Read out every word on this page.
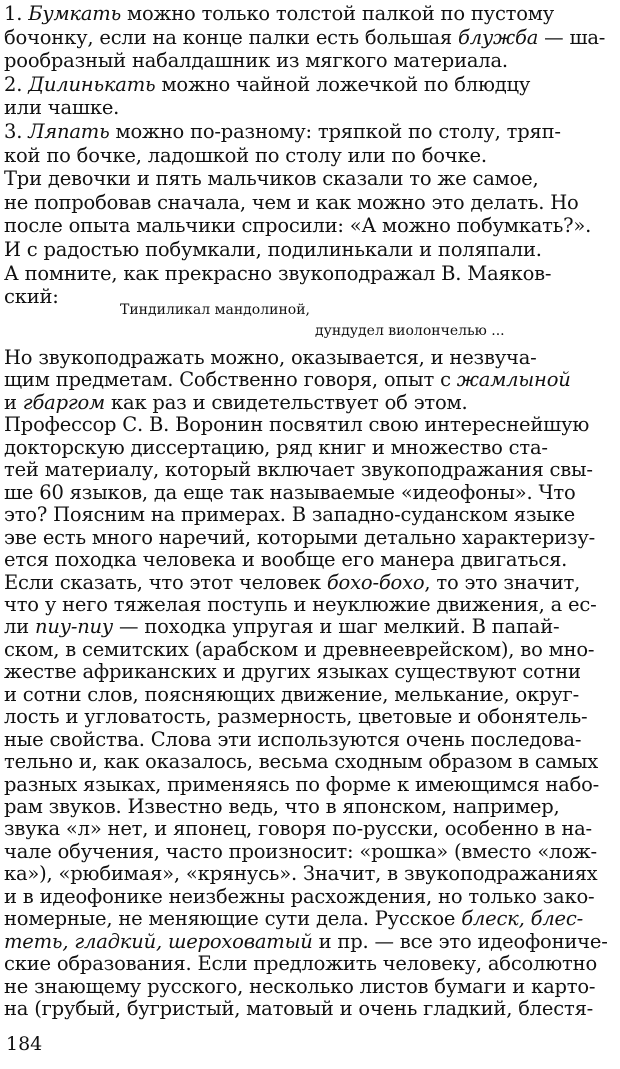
1. Бумкать можно только толстой палкой по пустому
бочонку, если на конце палки есть большая блужба — ша-
рообразный набалдашник из мягкого материала.
2. Дилинькать можно чайной ложечкой по блюдцу
или чашке.
3. Ляпать можно по-разному: тряпкой по столу, тряп-
кой по бочке, ладошкой по столу или по бочке.
Три девочки и пять мальчиков сказали то же самое,
не попробовав сначала, чем и как можно это делать. Но
после опыта мальчики спросили: «А можно побумкать?».
И с радостью побумкали, подилинькали и поляпали.
А помните, как прекрасно звукоподражал В. Маяков-
ский:
Но звукоподражать можно, оказывается, и незвуча-
щим предметам. Собственно говоря, опыт с жамлыной
и гбаргом как раз и свидетельствует об этом.
Профессор С. В. Воронин посвятил свою интереснейшую
докторскую диссертацию, ряд книг и множество ста-
тей материалу, который включает звукоподражания свы-
ше 60 языков, да еще так называемые «идеофоны». Что
это? Поясним на примерах. В западно-суданском языке
эве есть много наречий, которыми детально характеризу-
ется походка человека и вообще его манера двигаться.
Если сказать, что этот человек бохо-бохо, то это значит,
что у него тяжелая поступь и неуклюжие движения, а ес-
ли пиу-пиу — походка упругая и шаг мелкий. В папай-
ском, в семитских (арабском и древнееврейском), во мно-
жестве африканских и других языках существуют сотни
и сотни слов, поясняющих движение, мелькание, округ-
лость и угловатость, размерность, цветовые и обонятель-
ные свойства. Слова эти используются очень последова-
тельно и, как оказалось, весьма сходным образом в самых
разных языках, применяясь по форме к имеющимся набо-
рам звуков. Известно ведь, что в японском, например,
звука «л» нет, и японец, говоря по-русски, особенно в на-
чале обучения, часто произносит: «рошка» (вместо «лож-
ка»), «рюбимая», «крянусь». Значит, в звукоподражаниях
и в идеофонике неизбежны расхождения, но только зако-
номерные, не меняющие сути дела. Русское блеск, блес-
теть, гладкий, шероховатый и пр. — все это идеофониче-
ские образования. Если предложить человеку, абсолютно
не знающему русского, несколько листов бумаги и карто-
на (грубый, бугристый, матовый и очень гладкий, блестя-
Тиндиликал мандолиной,
дундудел виолончелью ...
184
